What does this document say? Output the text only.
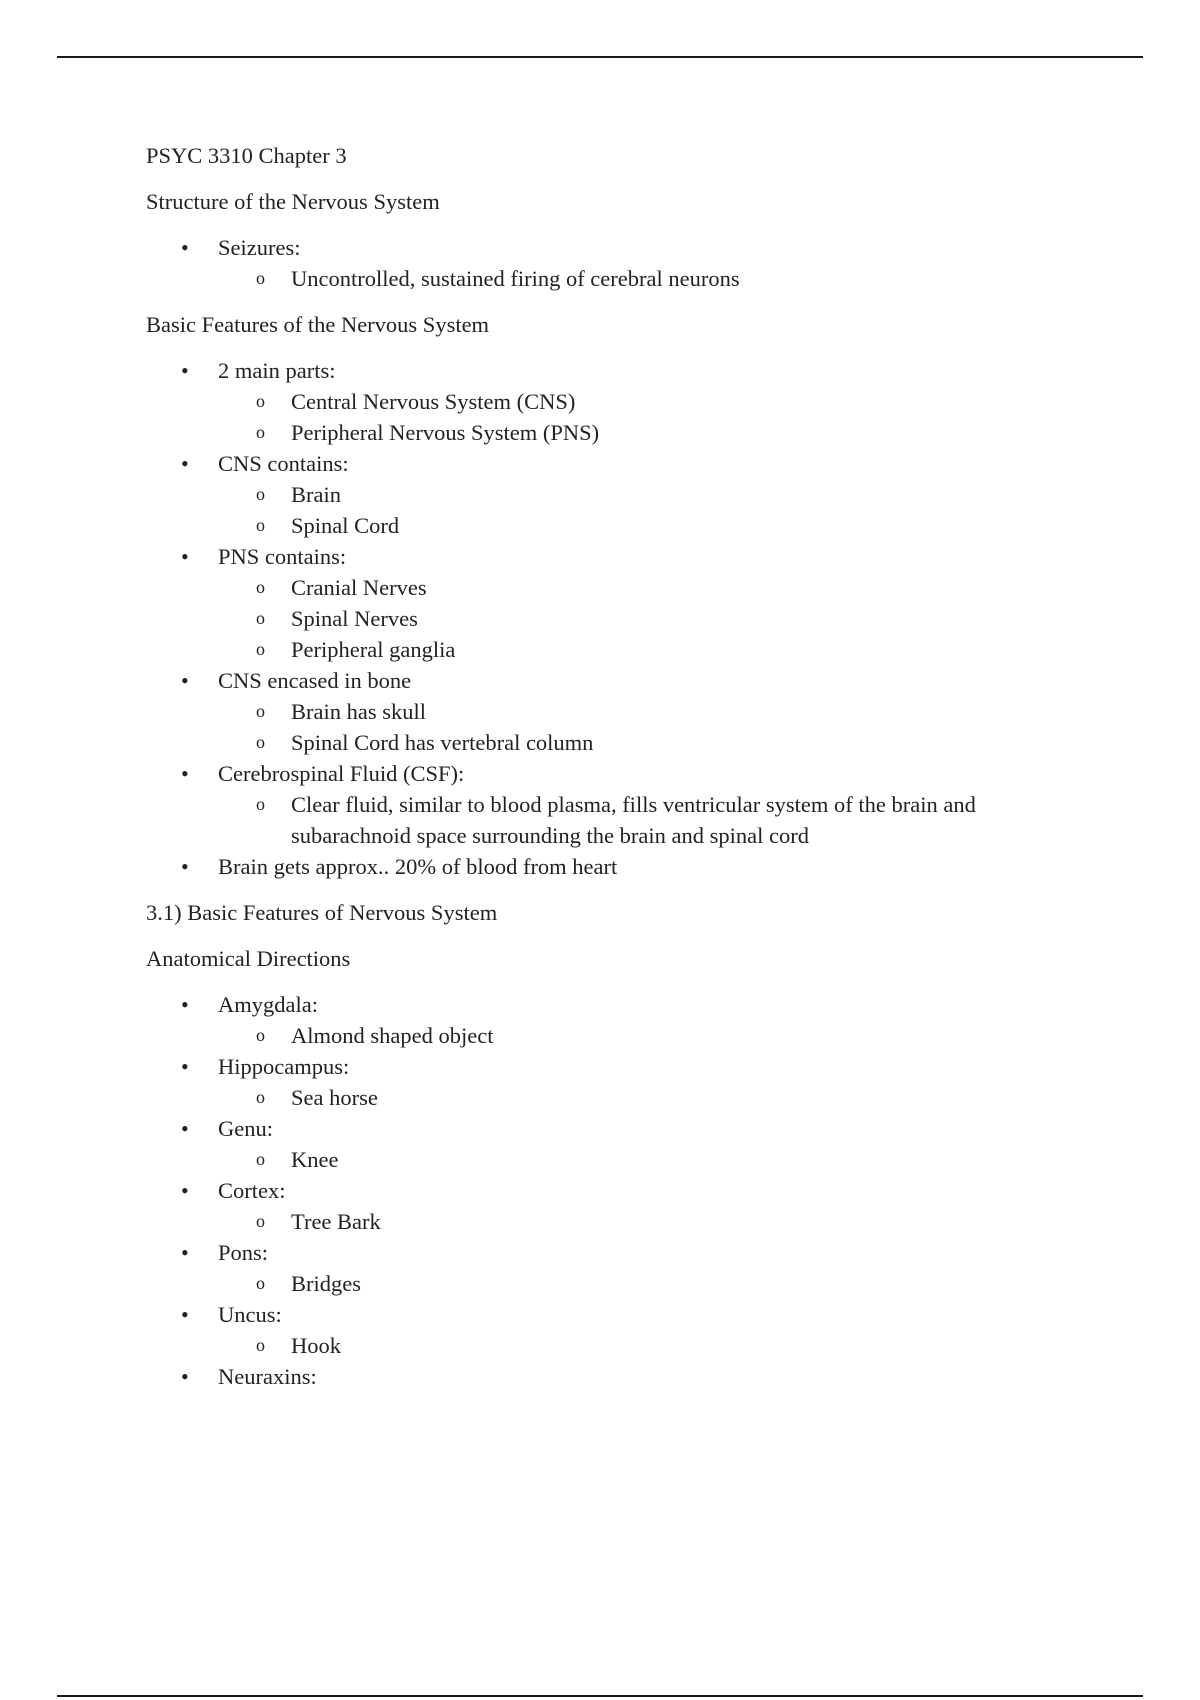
PSYC 3310 Chapter 3

Structure of the Nervous System

• Seizures:
o Uncontrolled, sustained firing of cerebral neurons

Basic Features of the Nervous System

• 2 main parts:
o Central Nervous System (CNS)
o Peripheral Nervous System (PNS)
• CNS contains:
o Brain
o Spinal Cord
• PNS contains:
o Cranial Nerves
o Spinal Nerves
o Peripheral ganglia
• CNS encased in bone
o Brain has skull
o Spinal Cord has vertebral column
• Cerebrospinal Fluid (CSF):
o Clear fluid, similar to blood plasma, fills ventricular system of the brain and subarachnoid space surrounding the brain and spinal cord
• Brain gets approx.. 20% of blood from heart

3.1) Basic Features of Nervous System

Anatomical Directions

• Amygdala:
o Almond shaped object
• Hippocampus:
o Sea horse
• Genu:
o Knee
• Cortex:
o Tree Bark
• Pons:
o Bridges
• Uncus:
o Hook
• Neuraxins:
